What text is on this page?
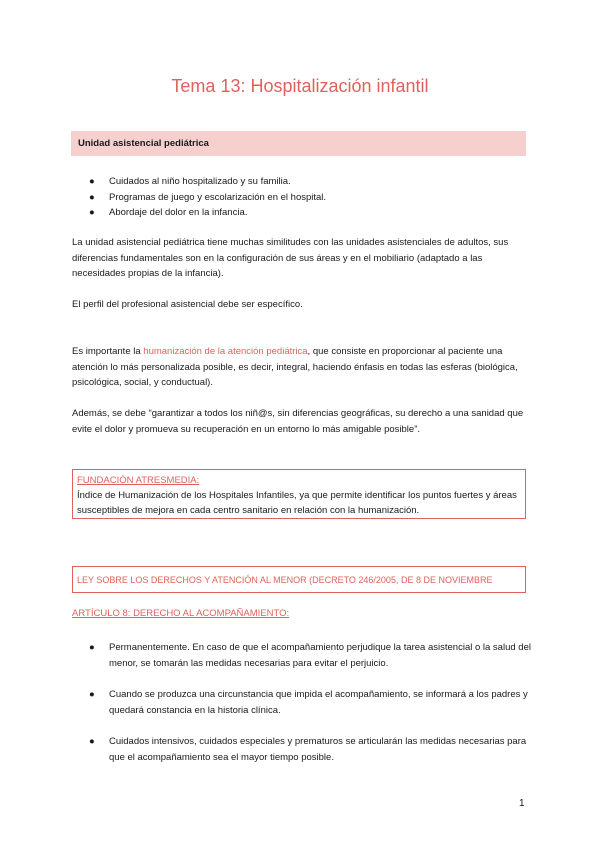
Tema 13: Hospitalización infantil
Unidad asistencial pediátrica
● Cuidados al niño hospitalizado y su familia.
● Programas de juego y escolarización en el hospital.
● Abordaje del dolor en la infancia.

La unidad asistencial pediátrica tiene muchas similitudes con las unidades asistenciales de adultos, sus diferencias fundamentales son en la configuración de sus áreas y en el mobiliario (adaptado a las necesidades propias de la infancia).

El perfil del profesional asistencial debe ser específico.

Es importante la humanización de la atención pediátrica, que consiste en proporcionar al paciente una atención lo más personalizada posible, es decir, integral, haciendo énfasis en todas las esferas (biológica, psicológica, social, y conductual).

Además, se debe “garantizar a todos los niñ@s, sin diferencias geográficas, su derecho a una sanidad que evite el dolor y promueva su recuperación en un entorno lo más amigable posible”.

FUNDACIÓN ATRESMEDIA:
Índice de Humanización de los Hospitales Infantiles, ya que permite identificar los puntos fuertes y áreas susceptibles de mejora en cada centro sanitario en relación con la humanización.
LEY SOBRE LOS DERECHOS Y ATENCIÓN AL MENOR (DECRETO 246/2005, DE 8 DE NOVIEMBRE

ARTÍCULO 8: DERECHO AL ACOMPAÑAMIENTO:

● Permanentemente. En caso de que el acompañamiento perjudique la tarea asistencial o la salud del menor, se tomarán las medidas necesarias para evitar el perjuicio.
● Cuando se produzca una circunstancia que impida el acompañamiento, se informará a los padres y quedará constancia en la historia clínica.
● Cuidados intensivos, cuidados especiales y prematuros se articularán las medidas necesarias para que el acompañamiento sea el mayor tiempo posible.
1
